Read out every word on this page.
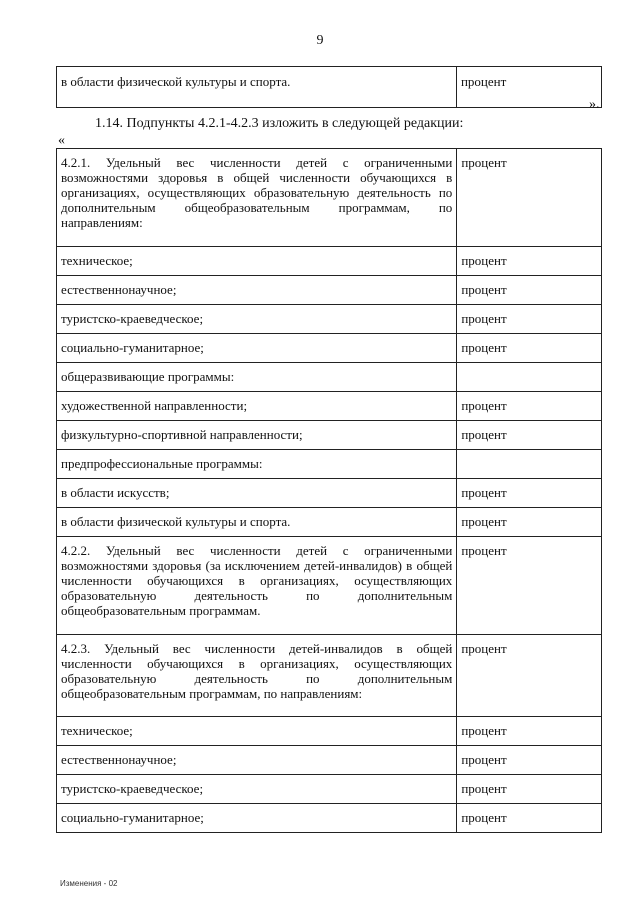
9
в области физической культуры и спорта.	процент
».
1.14. Подпункты 4.2.1-4.2.3 изложить в следующей редакции:
«
4.2.1. Удельный вес численности детей с ограниченными возможностями здоровья в общей численности обучающихся в организациях, осуществляющих образовательную деятельность по дополнительным общеобразовательным программам, по направлениям:	процент
техническое;	процент
естественнонаучное;	процент
туристско-краеведческое;	процент
социально-гуманитарное;	процент
общеразвивающие программы:	
художественной направленности;	процент
физкультурно-спортивной направленности;	процент
предпрофессиональные программы:	
в области искусств;	процент
в области физической культуры и спорта.	процент
4.2.2. Удельный вес численности детей с ограниченными возможностями здоровья (за исключением детей-инвалидов) в общей численности обучающихся в организациях, осуществляющих образовательную деятельность по дополнительным общеобразовательным программам.	процент
4.2.3. Удельный вес численности детей-инвалидов в общей численности обучающихся в организациях, осуществляющих образовательную деятельность по дополнительным общеобразовательным программам, по направлениям:	процент
техническое;	процент
естественнонаучное;	процент
туристско-краеведческое;	процент
социально-гуманитарное;	процент
Изменения - 02
